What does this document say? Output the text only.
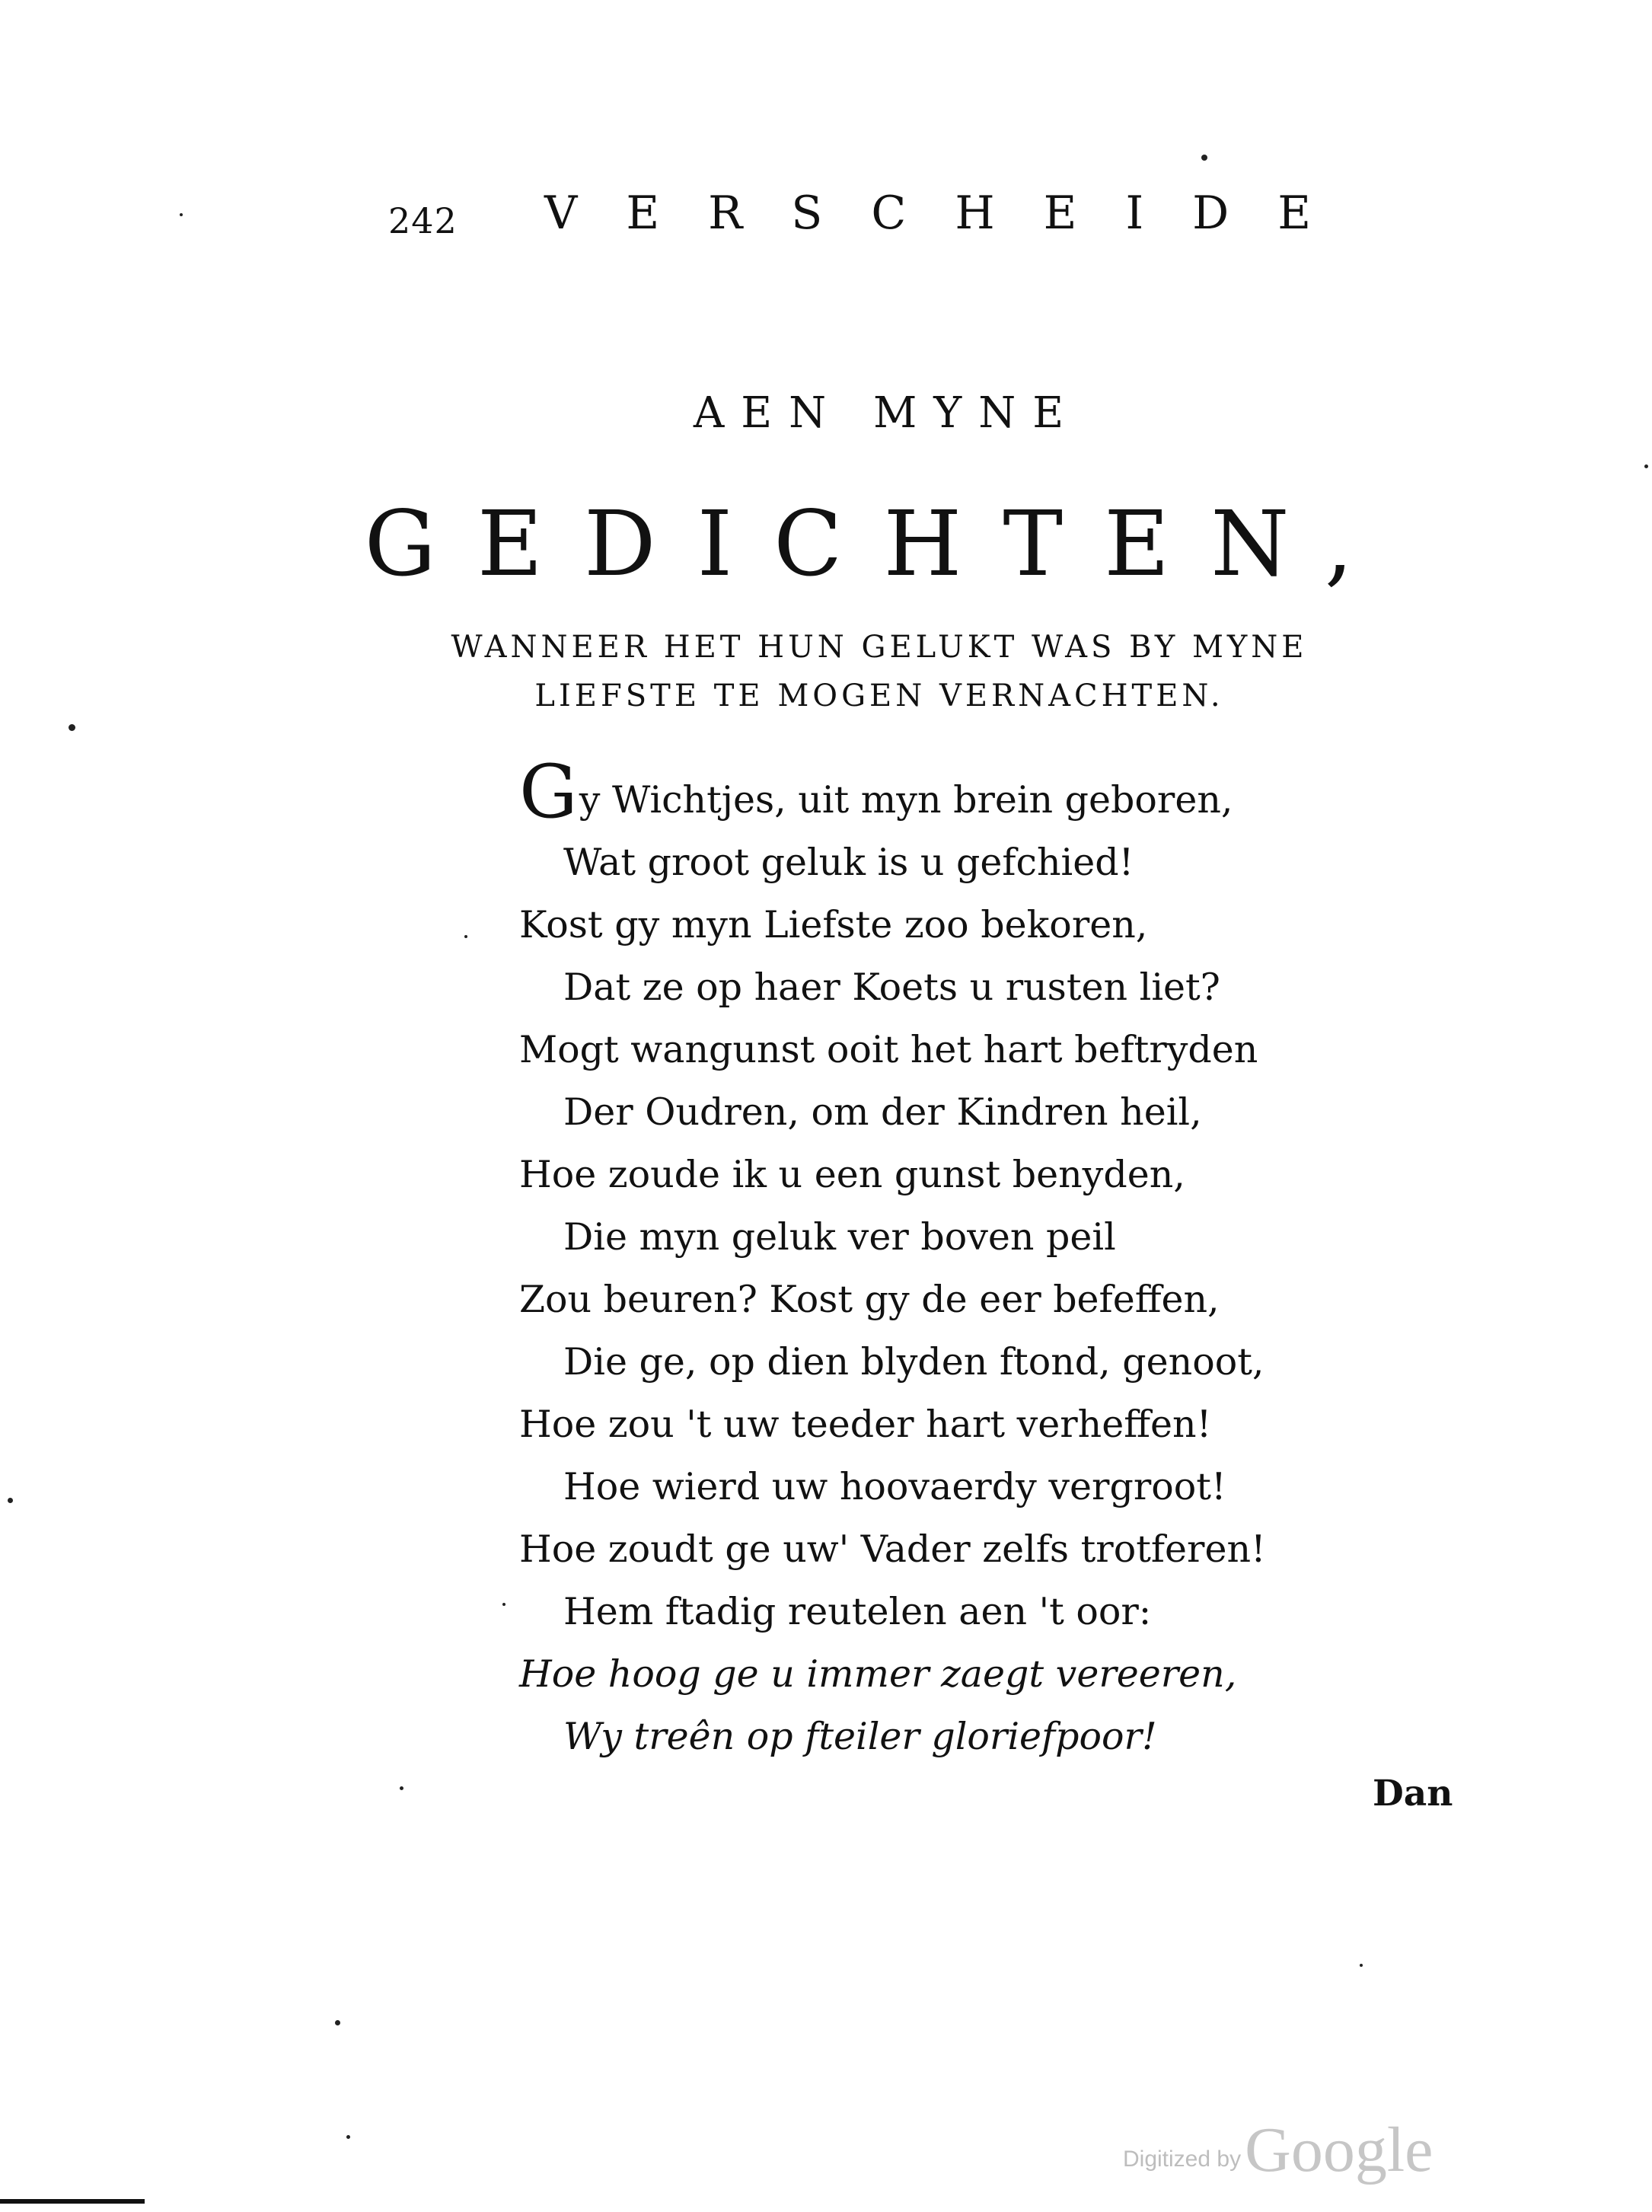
242 VERSCHEIDE
AEN MYNE
GEDICHTEN,
WANNEER HET HUN GELUKT WAS BY MYNE
LIEFSTE TE MOGEN VERNACHTEN.
Gy Wichtjes, uit myn brein geboren,
Wat groot geluk is u gefchied!
Kost gy myn Liefste zoo bekoren,
Dat ze op haer Koets u rusten liet?
Mogt wangunst ooit het hart beftryden
Der Oudren, om der Kindren heil,
Hoe zoude ik u een gunst benyden,
Die myn geluk ver boven peil
Zou beuren? Kost gy de eer befeffen,
Die ge, op dien blyden ftond, genoot,
Hoe zou 't uw teeder hart verheffen!
Hoe wierd uw hoovaerdy vergroot!
Hoe zoudt ge uw' Vader zelfs trotferen!
Hem ftadig reutelen aen 't oor:
Hoe hoog ge u immer zaegt vereeren,
Wy treên op fteiler gloriefpoor!
Dan
Digitized by Google
